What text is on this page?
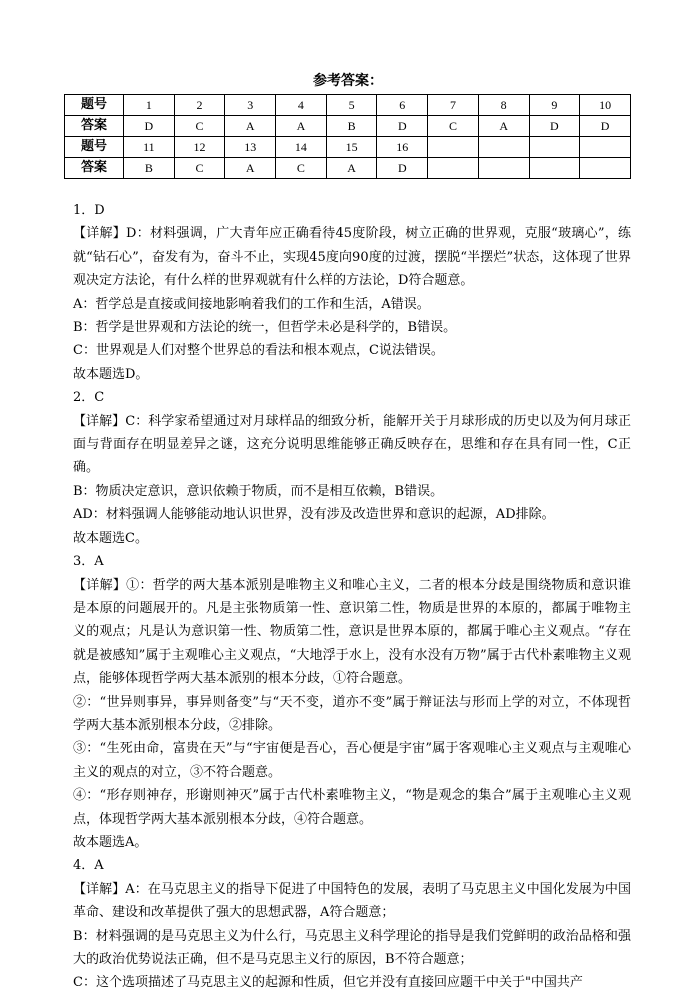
参考答案：
题号	1	2	3	4	5	6	7	8	9	10
答案	D	C	A	A	B	D	C	A	D	D
题号	11	12	13	14	15	16				
答案	B	C	A	C	A	D				

1．D

【详解】D：材料强调，广大青年应正确看待45度阶段，树立正确的世界观，克服“玻璃心”，练就“钻石心”，奋发有为，奋斗不止，实现45度向90度的过渡，摆脱“半摆烂”状态，这体现了世界观决定方法论，有什么样的世界观就有什么样的方法论，D符合题意。

A：哲学总是直接或间接地影响着我们的工作和生活，A错误。

B：哲学是世界观和方法论的统一，但哲学未必是科学的，B错误。

C：世界观是人们对整个世界总的看法和根本观点，C说法错误。

故本题选D。

2．C

【详解】C：科学家希望通过对月球样品的细致分析，能解开关于月球形成的历史以及为何月球正面与背面存在明显差异之谜，这充分说明思维能够正确反映存在，思维和存在具有同一性，C正确。

B：物质决定意识，意识依赖于物质，而不是相互依赖，B错误。

AD：材料强调人能够能动地认识世界，没有涉及改造世界和意识的起源，AD排除。

故本题选C。

3．A

【详解】①：哲学的两大基本派别是唯物主义和唯心主义，二者的根本分歧是围绕物质和意识谁是本原的问题展开的。凡是主张物质第一性、意识第二性，物质是世界的本原的，都属于唯物主义的观点；凡是认为意识第一性、物质第二性，意识是世界本原的，都属于唯心主义观点。“存在就是被感知”属于主观唯心主义观点，“大地浮于水上，没有水没有万物”属于古代朴素唯物主义观点，能够体现哲学两大基本派别的根本分歧，①符合题意。

②：“世异则事异，事异则备变”与“天不变，道亦不变”属于辩证法与形而上学的对立，不体现哲学两大基本派别根本分歧，②排除。

③：“生死由命，富贵在天”与“宇宙便是吾心，吾心便是宇宙”属于客观唯心主义观点与主观唯心主义的观点的对立，③不符合题意。

④：“形存则神存，形谢则神灭”属于古代朴素唯物主义，“物是观念的集合”属于主观唯心主义观点，体现哲学两大基本派别根本分歧，④符合题意。

故本题选A。

4．A

【详解】A：在马克思主义的指导下促进了中国特色的发展，表明了马克思主义中国化发展为中国革命、建设和改革提供了强大的思想武器，A符合题意；

B：材料强调的是马克思主义为什么行，马克思主义科学理论的指导是我们党鲜明的政治品格和强大的政治优势说法正确，但不是马克思主义行的原因，B不符合题意；

C：这个选项描述了马克思主义的起源和性质，但它并没有直接回应题干中关于"中国共产
